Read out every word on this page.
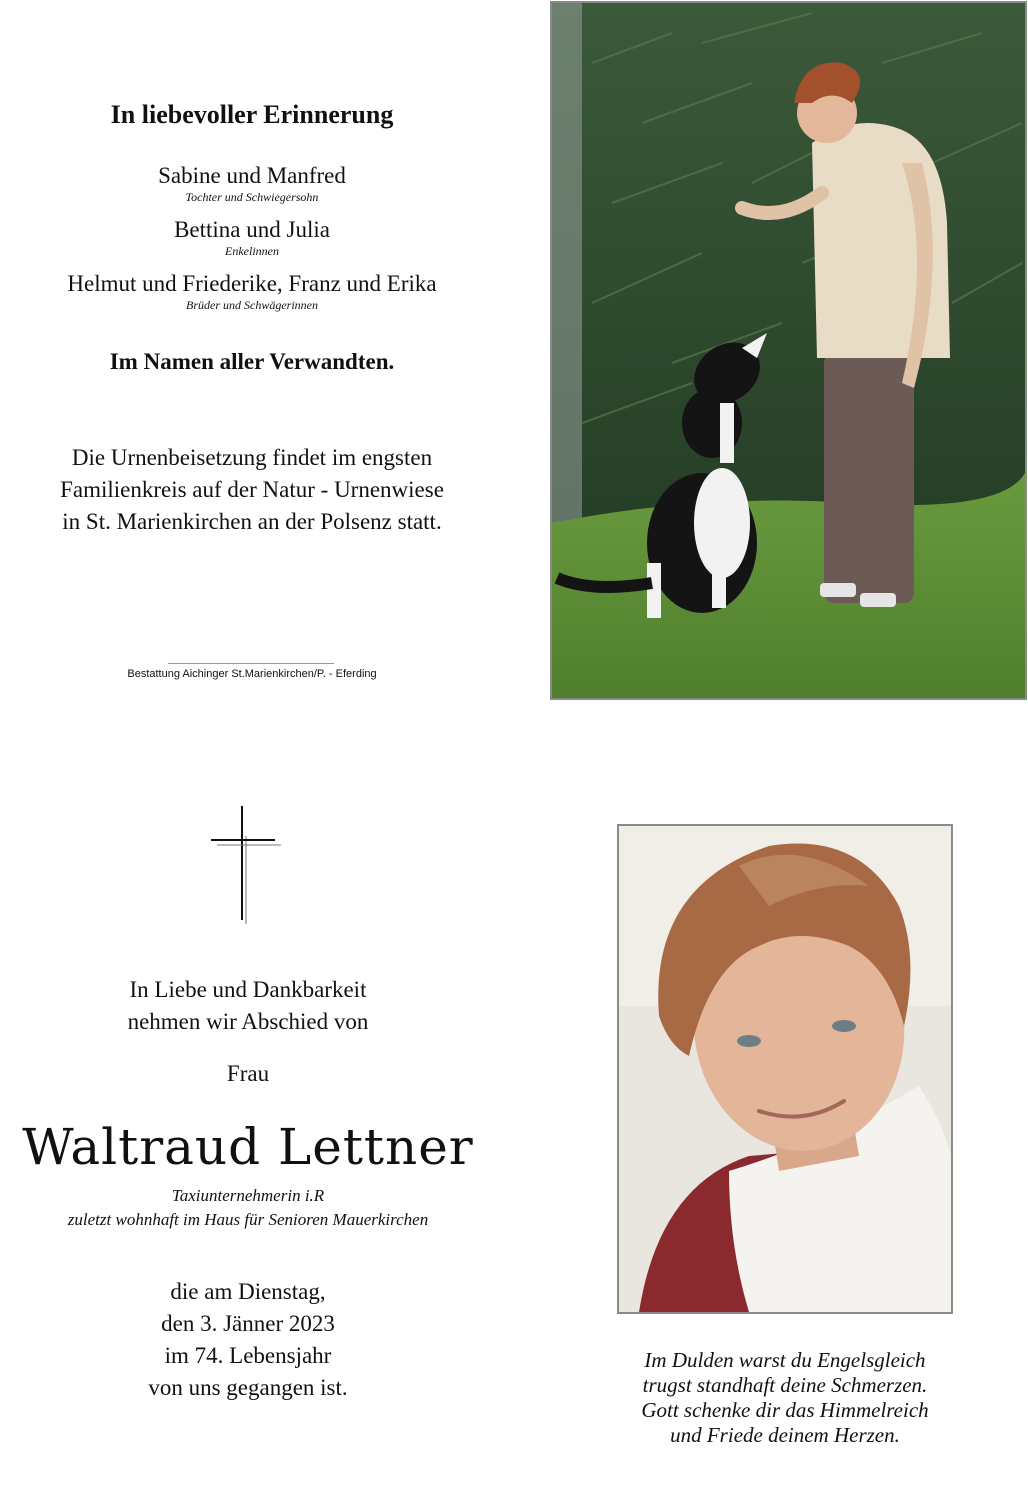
In liebevoller Erinnerung
Sabine und Manfred
Tochter und Schwiegersohn
Bettina und Julia
Enkelinnen
Helmut und Friederike, Franz und Erika
Brüder und Schwägerinnen
Im Namen aller Verwandten.
Die Urnenbeisetzung findet im engsten
Familienkreis auf der Natur - Urnenwiese
in St. Marienkirchen an der Polsenz statt.
Bestattung Aichinger St.Marienkirchen/P. - Eferding
In Liebe und Dankbarkeit
nehmen wir Abschied von
Frau
Waltraud Lettner
Taxiunternehmerin i.R
zuletzt wohnhaft im Haus für Senioren Mauerkirchen
die am Dienstag,
den 3. Jänner 2023
im 74. Lebensjahr
von uns gegangen ist.
Im Dulden warst du Engelsgleich
trugst standhaft deine Schmerzen.
Gott schenke dir das Himmelreich
und Friede deinem Herzen.
